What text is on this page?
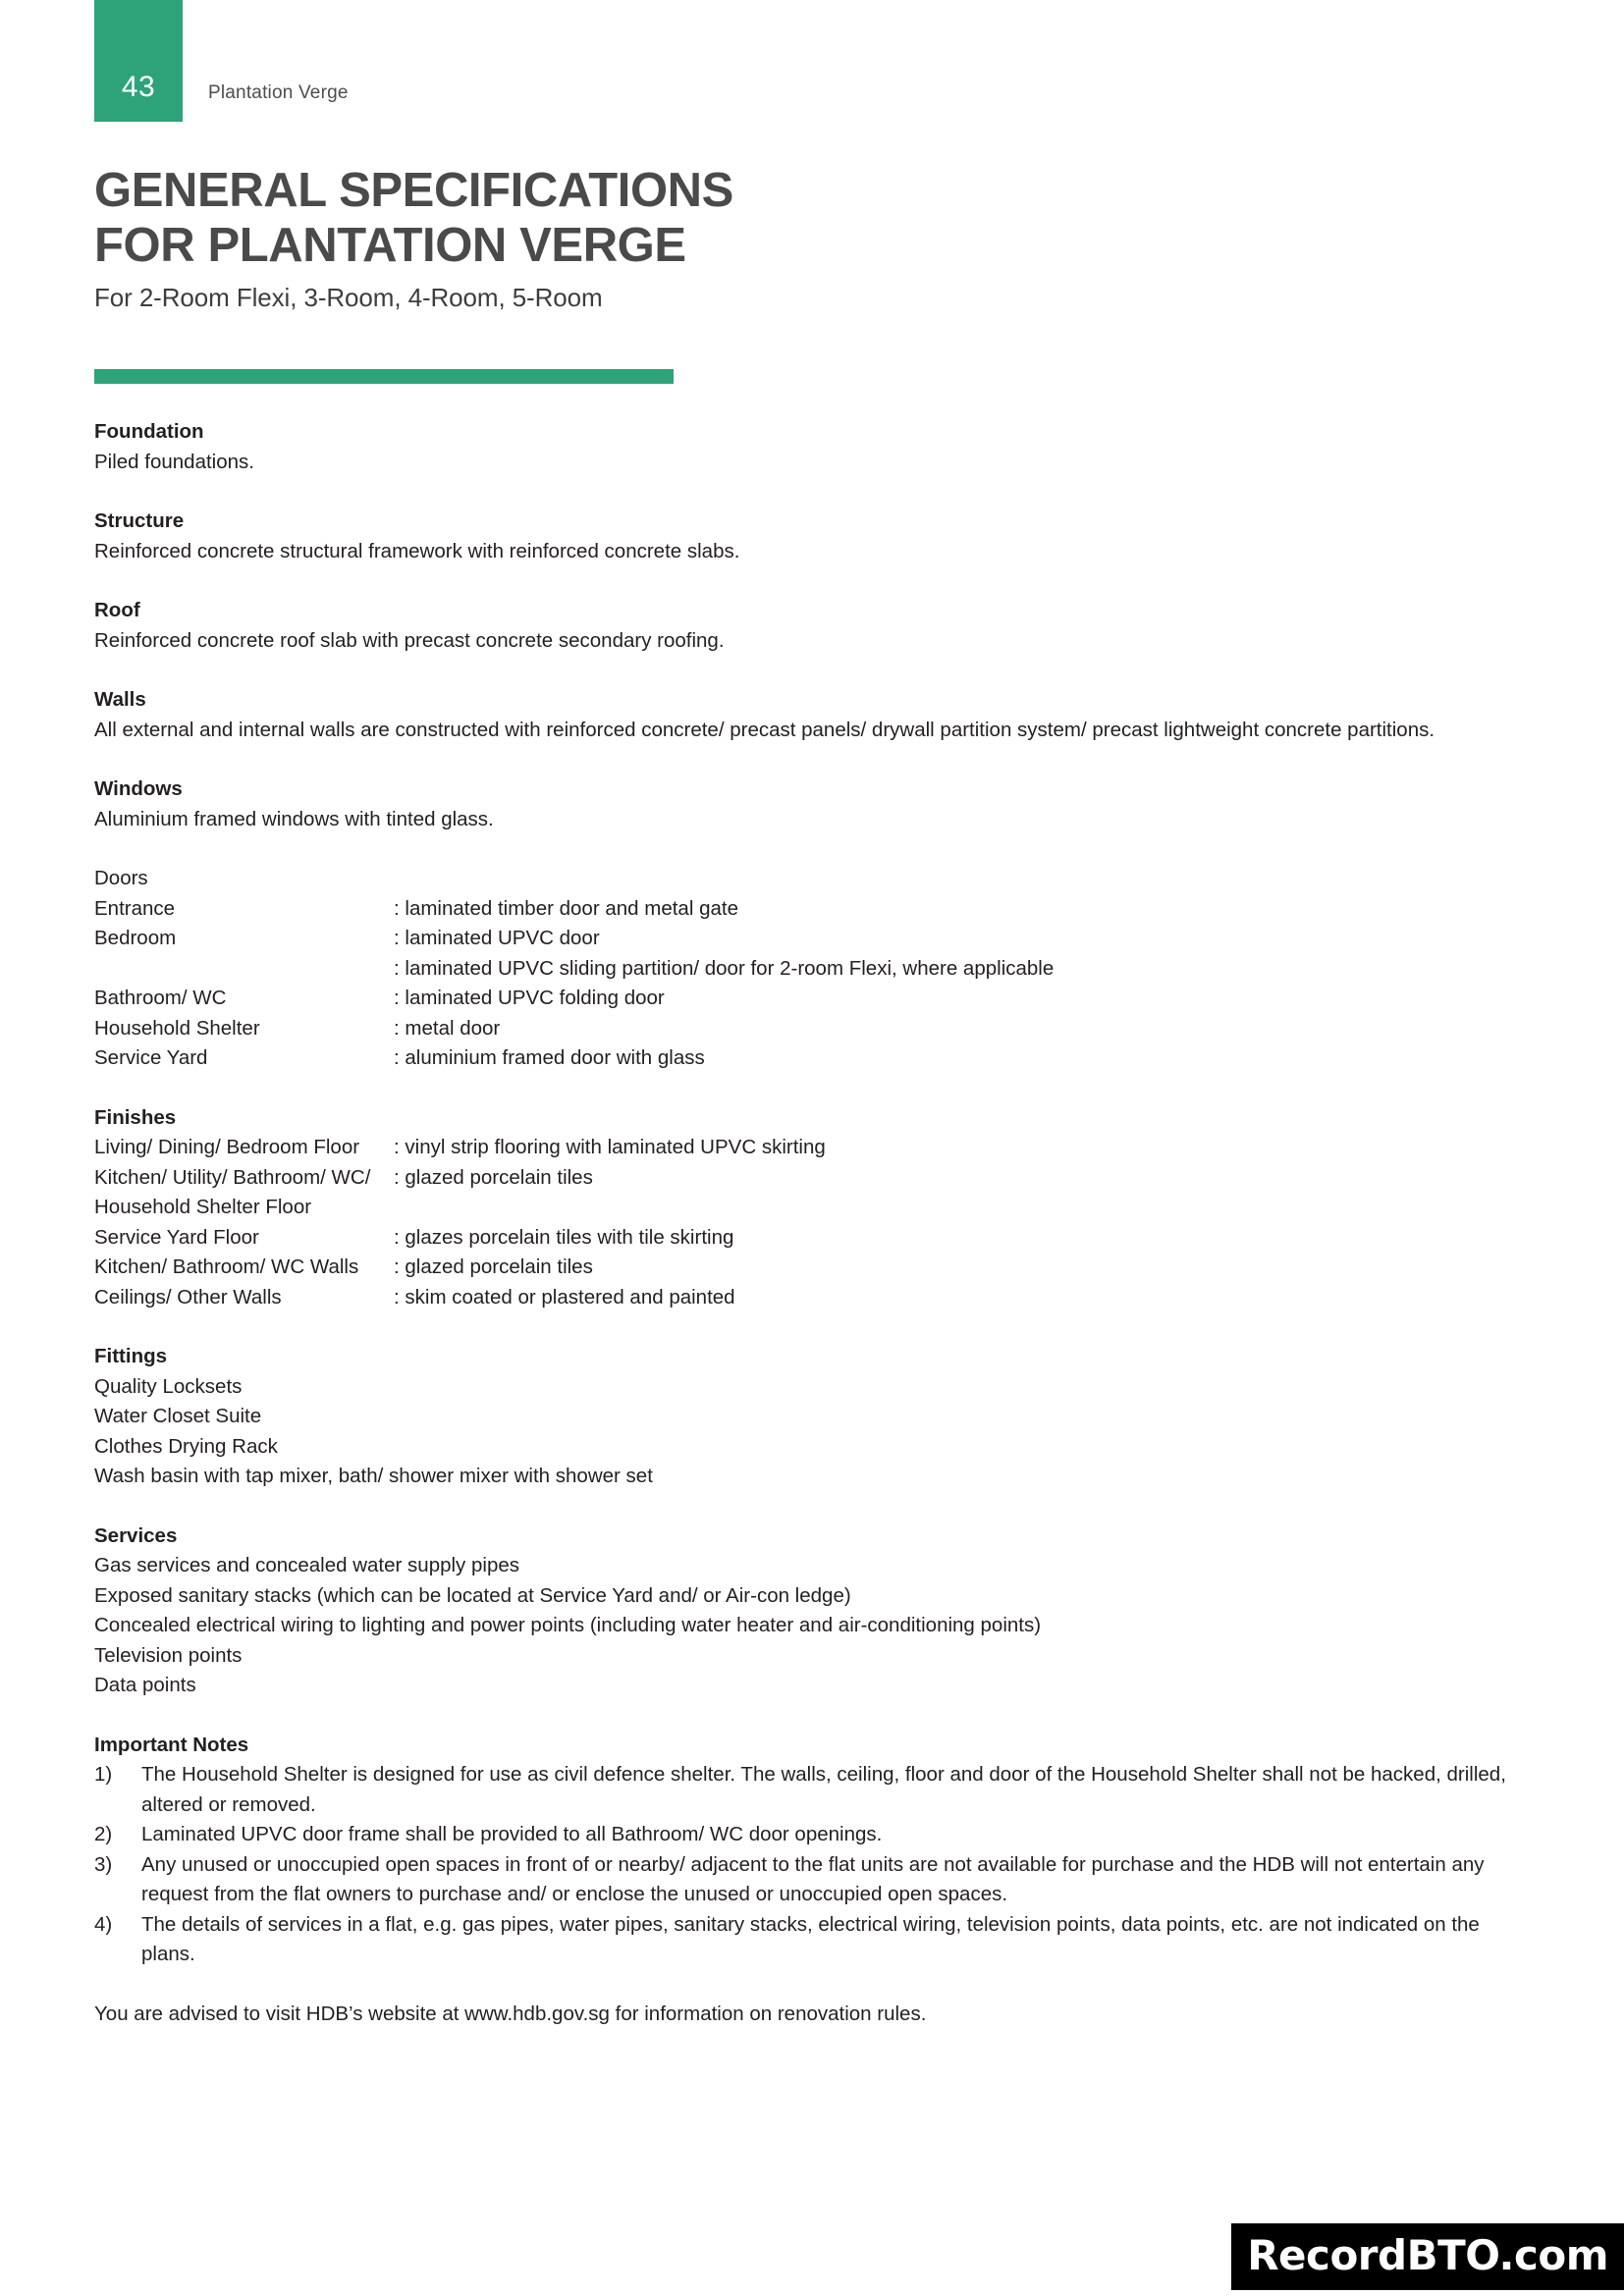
43	Plantation Verge
GENERAL SPECIFICATIONS
FOR PLANTATION VERGE
For 2-Room Flexi, 3-Room, 4-Room, 5-Room
Foundation
Piled foundations.
Structure
Reinforced concrete structural framework with reinforced concrete slabs.
Roof
Reinforced concrete roof slab with precast concrete secondary roofing.
Walls
All external and internal walls are constructed with reinforced concrete/ precast panels/ drywall partition system/ precast lightweight concrete partitions.
Windows
Aluminium framed windows with tinted glass.
Doors
Entrance	: laminated timber door and metal gate
Bedroom	: laminated UPVC door
: laminated UPVC sliding partition/ door for 2-room Flexi, where applicable
Bathroom/ WC	: laminated UPVC folding door
Household Shelter	: metal door
Service Yard	: aluminium framed door with glass
Finishes
Living/ Dining/ Bedroom Floor	: vinyl strip flooring with laminated UPVC skirting
Kitchen/ Utility/ Bathroom/ WC/	: glazed porcelain tiles
Household Shelter Floor
Service Yard Floor	: glazes porcelain tiles with tile skirting
Kitchen/ Bathroom/ WC Walls	: glazed porcelain tiles
Ceilings/ Other Walls	: skim coated or plastered and painted
Fittings
Quality Locksets
Water Closet Suite
Clothes Drying Rack
Wash basin with tap mixer, bath/ shower mixer with shower set
Services
Gas services and concealed water supply pipes
Exposed sanitary stacks (which can be located at Service Yard and/ or Air-con ledge)
Concealed electrical wiring to lighting and power points (including water heater and air-conditioning points)
Television points
Data points
Important Notes
1)	The Household Shelter is designed for use as civil defence shelter. The walls, ceiling, floor and door of the Household Shelter shall not be hacked, drilled, altered or removed.
2)	Laminated UPVC door frame shall be provided to all Bathroom/ WC door openings.
3)	Any unused or unoccupied open spaces in front of or nearby/ adjacent to the flat units are not available for purchase and the HDB will not entertain any request from the flat owners to purchase and/ or enclose the unused or unoccupied open spaces.
4)	The details of services in a flat, e.g. gas pipes, water pipes, sanitary stacks, electrical wiring, television points, data points, etc. are not indicated on the plans.
You are advised to visit HDB’s website at www.hdb.gov.sg for information on renovation rules.
RecordBTO.com
